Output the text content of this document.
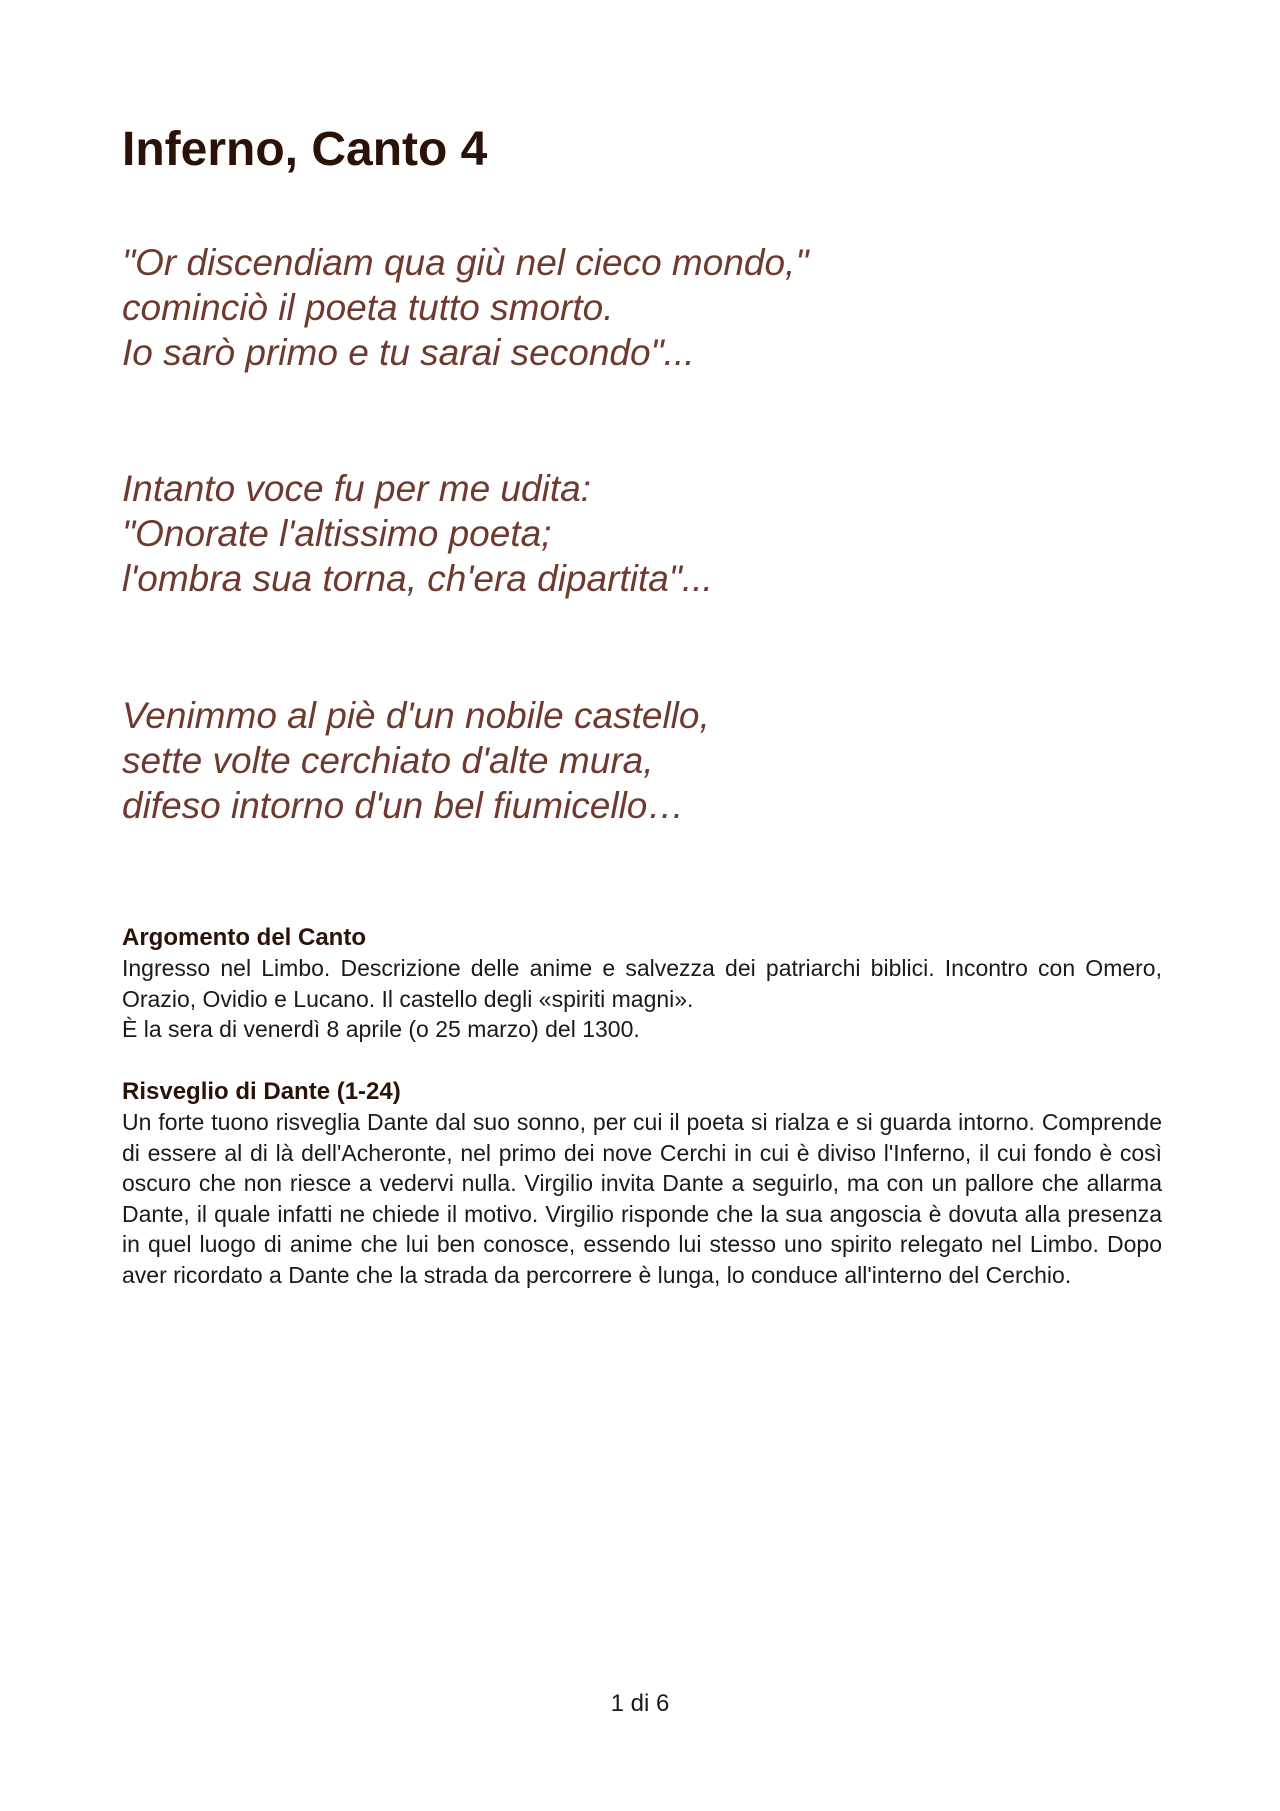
Inferno, Canto 4

"Or discendiam qua giù nel cieco mondo,"
cominciò il poeta tutto smorto.
Io sarò primo e tu sarai secondo"...

Intanto voce fu per me udita:
"Onorate l'altissimo poeta;
l'ombra sua torna, ch'era dipartita"...

Venimmo al piè d'un nobile castello,
sette volte cerchiato d'alte mura,
difeso intorno d'un bel fiumicello…

Argomento del Canto

Ingresso nel Limbo. Descrizione delle anime e salvezza dei patriarchi biblici. Incontro con Omero, Orazio, Ovidio e Lucano. Il castello degli «spiriti magni».

È la sera di venerdì 8 aprile (o 25 marzo) del 1300.

Risveglio di Dante (1-24)

Un forte tuono risveglia Dante dal suo sonno, per cui il poeta si rialza e si guarda intorno. Comprende di essere al di là dell'Acheronte, nel primo dei nove Cerchi in cui è diviso l'Inferno, il cui fondo è così oscuro che non riesce a vedervi nulla. Virgilio invita Dante a seguirlo, ma con un pallore che allarma Dante, il quale infatti ne chiede il motivo. Virgilio risponde che la sua angoscia è dovuta alla presenza in quel luogo di anime che lui ben conosce, essendo lui stesso uno spirito relegato nel Limbo. Dopo aver ricordato a Dante che la strada da percorrere è lunga, lo conduce all'interno del Cerchio.

1 di 6
